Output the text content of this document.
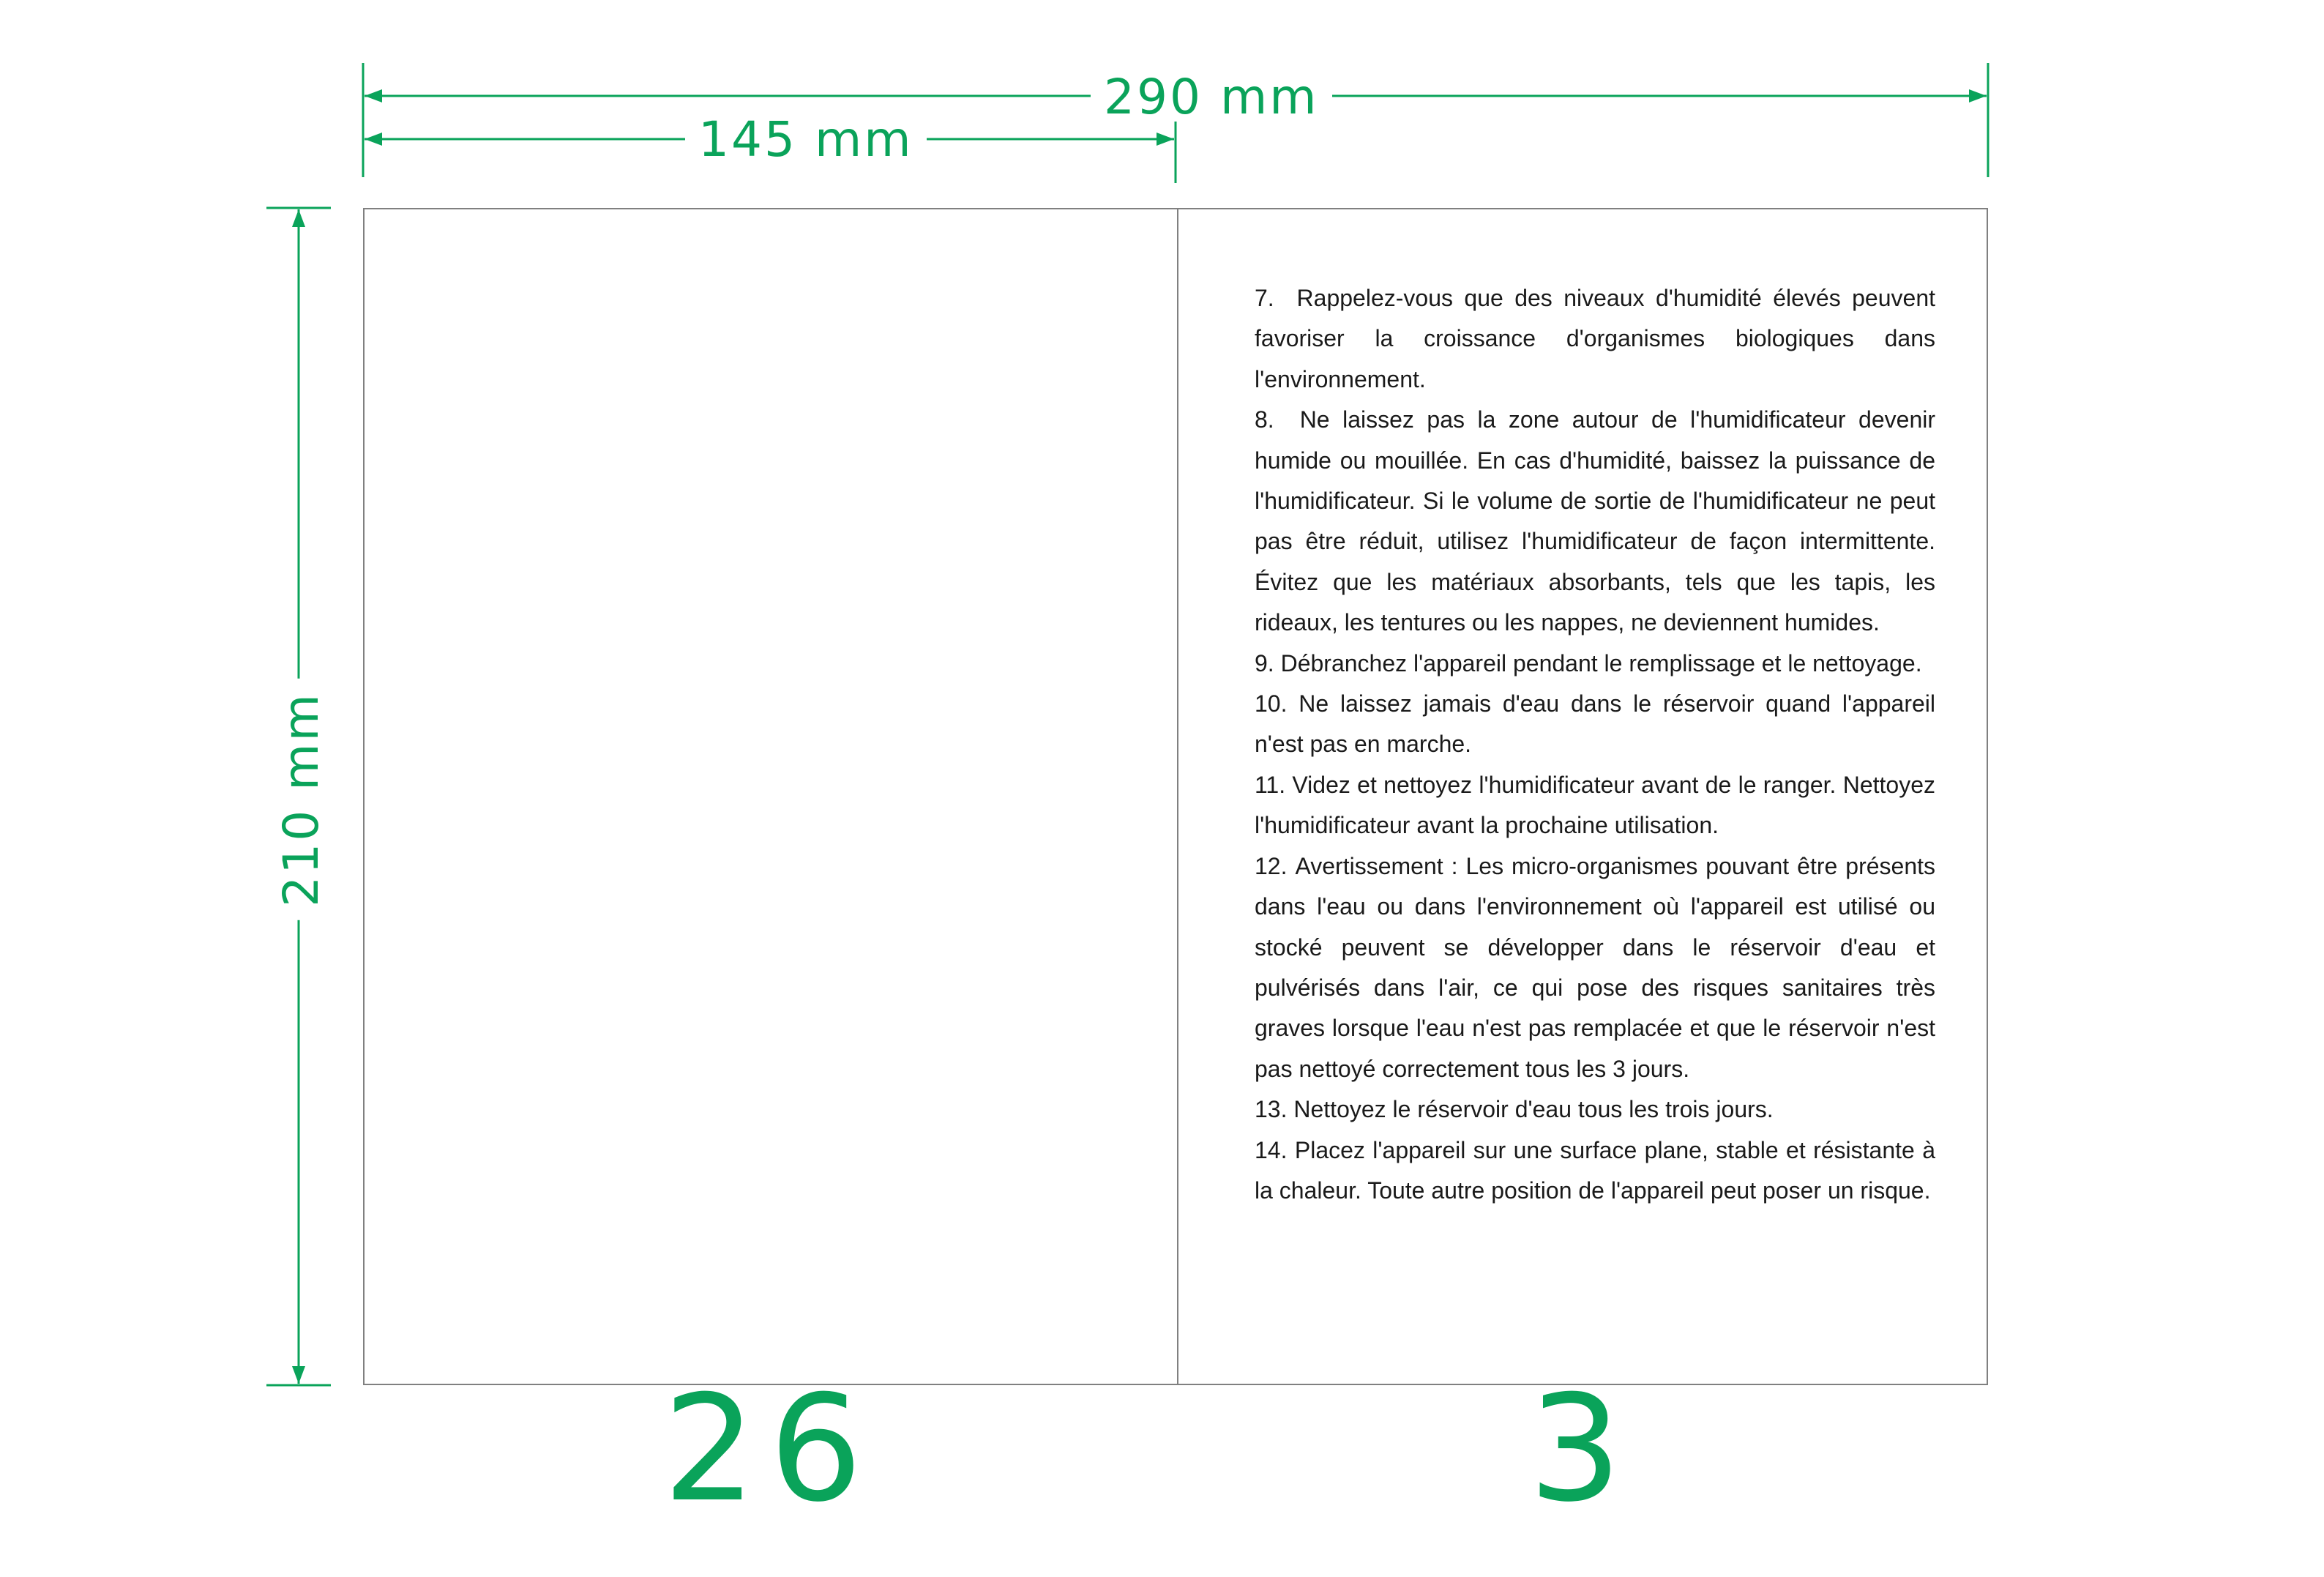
290 mm
145 mm
210 mm

7. Rappelez-vous que des niveaux d'humidité élevés peuvent favoriser la croissance d'organismes biologiques dans l'environnement.

8. Ne laissez pas la zone autour de l'humidificateur devenir humide ou mouillée. En cas d'humidité, baissez la puissance de l'humidificateur. Si le volume de sortie de l'humidificateur ne peut pas être réduit, utilisez l'humidificateur de façon intermittente. Évitez que les matériaux absorbants, tels que les tapis, les rideaux, les tentures ou les nappes, ne deviennent humides.

9. Débranchez l'appareil pendant le remplissage et le nettoyage.

10. Ne laissez jamais d'eau dans le réservoir quand l'appareil n'est pas en marche.

11. Videz et nettoyez l'humidificateur avant de le ranger. Nettoyez l'humidificateur avant la prochaine utilisation.

12. Avertissement : Les micro-organismes pouvant être présents dans l'eau ou dans l'environnement où l'appareil est utilisé ou stocké peuvent se développer dans le réservoir d'eau et pulvérisés dans l'air, ce qui pose des risques sanitaires très graves lorsque l'eau n'est pas remplacée et que le réservoir n'est pas nettoyé correctement tous les 3 jours.

13. Nettoyez le réservoir d'eau tous les trois jours.

14. Placez l'appareil sur une surface plane, stable et résistante à la chaleur. Toute autre position de l'appareil peut poser un risque.

26	3
